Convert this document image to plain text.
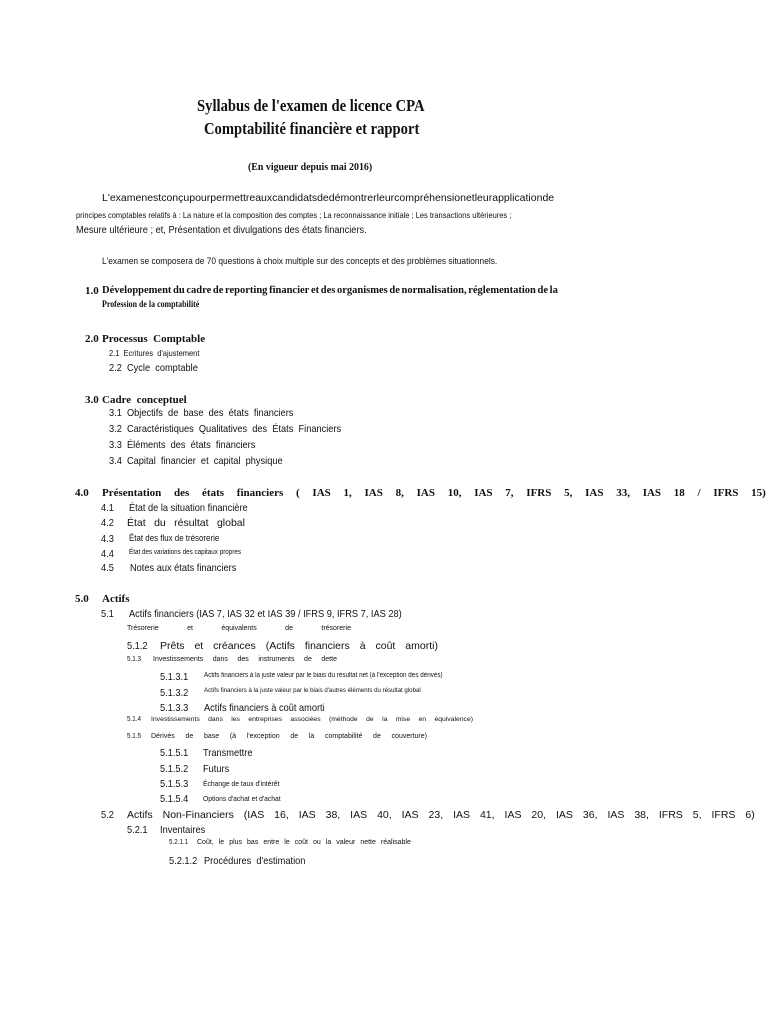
Syllabus de l'examen de licence CPA
Comptabilité financière et rapport
(En vigueur depuis mai 2016)
L'examen est conçu pour permettre aux candidats de démontrer leur compréhension et leur application de
principes comptables relatifs à : La nature et la composition des comptes ; La reconnaissance initiale ; Les transactions ultérieures ;
Mesure ultérieure ; et, Présentation et divulgations des états financiers.
L'examen se composera de 70 questions à choix multiple sur des concepts et des problèmes situationnels.
1.0 Développement du cadre de reporting financier et des organismes de normalisation, réglementation de la
Profession de la comptabilité
2.0 Processus  Comptable
2.1  Ecritures  d'ajustement
2.2  Cycle  comptable
3.0 Cadre  conceptuel
3.1  Objectifs  de  base  des  états  financiers
3.2  Caractéristiques  Qualitatives  des  États  Financiers
3.3  Éléments  des  états  financiers
3.4  Capital  financier  et  capital  physique
4.0 Présentation des états financiers ( IAS 1, IAS 8, IAS 10, IAS 7, IFRS 5, IAS 33, IAS 18 / IFRS 15)
4.1 État de la situation financière
4.2 État du résultat global
4.3 État des flux de trésorerie
4.4 État des variations des capitaux propres
4.5 Notes aux états financiers
5.0 Actifs
5.1 Actifs financiers (IAS 7, IAS 32 et IAS 39 / IFRS 9, IFRS 7, IAS 28)
Trésorerie	et	équivalents	de	trésorerie
5.1.2 Prêts et créances (Actifs financiers à coût amorti)
5.1.3 Investissements dans des instruments de dette
5.1.3.1 Actifs financiers à la juste valeur par le biais du résultat net (à l'exception des dérivés)
5.1.3.2 Actifs financiers à la juste valeur par le biais d'autres éléments du résultat global
5.1.3.3 Actifs financiers à coût amorti
5.1.4 Investissements dans les entreprises associées (méthode de la mise en équivalence)
5.1.5 Dérivés de base (à l'exception de la comptabilité de couverture)
5.1.5.1 Transmettre
5.1.5.2 Futurs
5.1.5.3 Échange de taux d'intérêt
5.1.5.4 Options d'achat et d'achat
5.2 Actifs Non-Financiers (IAS 16, IAS 38, IAS 40, IAS 23, IAS 41, IAS 20, IAS 36, IAS 38, IFRS 5, IFRS 6)
5.2.1 Inventaires
5.2.1.1 Coût, le plus bas entre le coût ou la valeur nette réalisable
5.2.1.2 Procédures  d'estimation
